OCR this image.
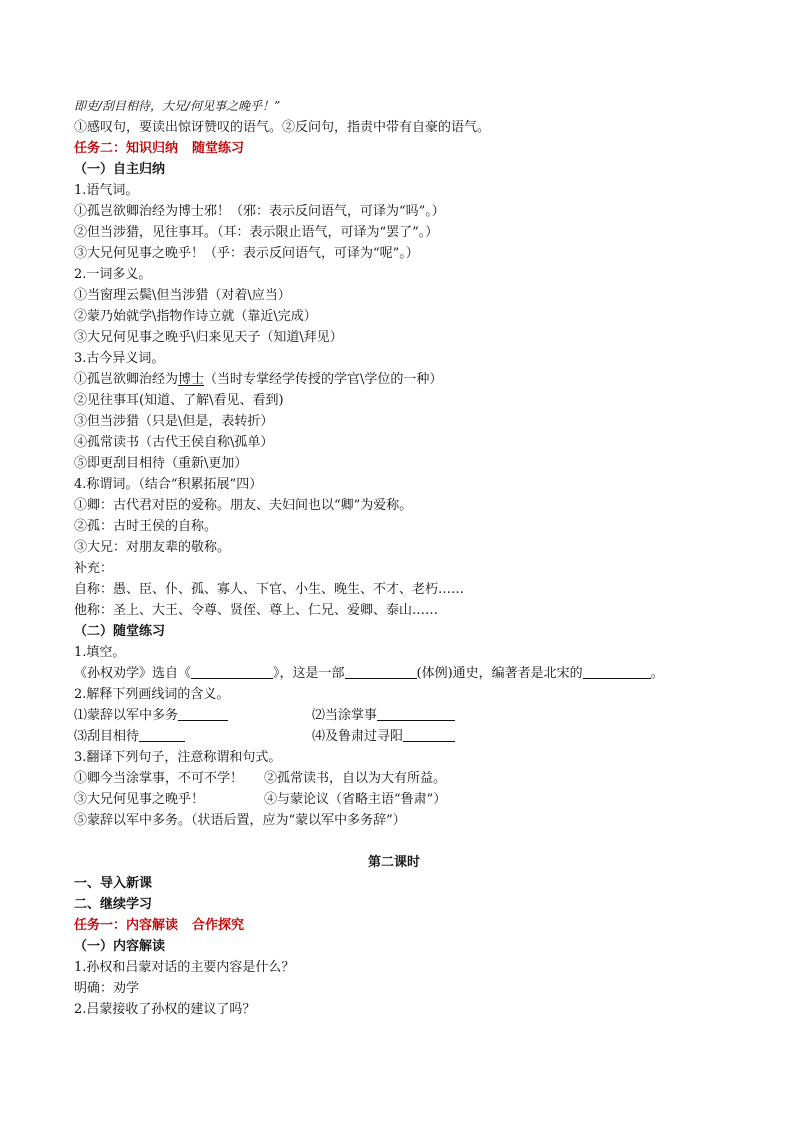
即吏/刮目相待，大兄/何见事之晚乎！”
①感叹句，要读出惊讶赞叹的语气。②反问句，指责中带有自豪的语气。
任务二：知识归纳 随堂练习
（一）自主归纳
1.语气词。
①孤岂欲卿治经为博士邪！（邪：表示反问语气，可译为“吗”。）
②但当涉猎，见往事耳。（耳：表示限止语气，可译为“罢了”。）
③大兄何见事之晚乎！（乎：表示反问语气，可译为“呢”。）
2.一词多义。
①当窗理云鬓\但当涉猎（对着\应当）
②蒙乃始就学\指物作诗立就（靠近\完成）
③大兄何见事之晚乎\归来见天子（知道\拜见）
3.古今异义词。
①孤岂欲卿治经为博士（当时专掌经学传授的学官\学位的一种）
②见往事耳(知道、了解\看见、看到)
③但当涉猎（只是\但是，表转折）
④孤常读书（古代王侯自称\孤单）
⑤即更刮目相待（重新\更加）
4.称谓词。（结合“积累拓展”四）
①卿：古代君对臣的爱称。朋友、夫妇间也以“卿”为爱称。
②孤：古时王侯的自称。
③大兄：对朋友辈的敬称。
补充：
自称：愚、臣、仆、孤、寡人、下官、小生、晚生、不才、老朽……
他称：圣上、大王、令尊、贤侄、尊上、仁兄、爱卿、泰山……
（二）随堂练习
1.填空。
《孙权劝学》选自《	》，这是一部	(体例)通史，编著者是北宋的	。
2.解释下列画线词的含义。
⑴蒙辞以军中多务	⑵当涂掌事
⑶刮目相待	⑷及鲁肃过寻阳
3.翻译下列句子，注意称谓和句式。
①卿今当涂掌事，不可不学！	②孤常读书，自以为大有所益。
③大兄何见事之晚乎！	④与蒙论议（省略主语“鲁肃”）
⑤蒙辞以军中多务。（状语后置，应为“蒙以军中多务辞”）
第二课时
一、导入新课
二、继续学习
任务一：内容解读 合作探究
（一）内容解读
1.孙权和吕蒙对话的主要内容是什么？
明确：劝学
2.吕蒙接收了孙权的建议了吗？
